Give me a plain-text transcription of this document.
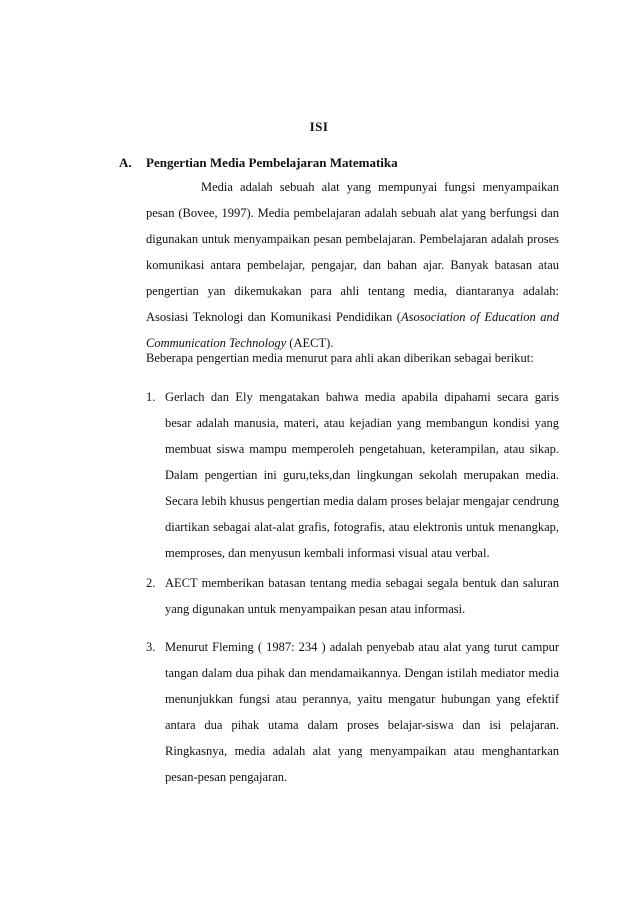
ISI
A. Pengertian Media Pembelajaran Matematika
Media adalah sebuah alat yang mempunyai fungsi menyampaikan pesan (Bovee, 1997). Media pembelajaran adalah sebuah alat yang berfungsi dan digunakan untuk menyampaikan pesan pembelajaran. Pembelajaran adalah proses komunikasi antara pembelajar, pengajar, dan bahan ajar. Banyak batasan atau pengertian yan dikemukakan para ahli tentang media, diantaranya adalah: Asosiasi Teknologi dan Komunikasi Pendidikan (Asosociation of Education and Communication Technology (AECT).
Beberapa pengertian media menurut para ahli akan diberikan sebagai berikut:
1. Gerlach dan Ely mengatakan bahwa media apabila dipahami secara garis besar adalah manusia, materi, atau kejadian yang membangun kondisi yang membuat siswa mampu memperoleh pengetahuan, keterampilan, atau sikap. Dalam pengertian ini guru,teks,dan lingkungan sekolah merupakan media. Secara lebih khusus pengertian media dalam proses belajar mengajar cendrung diartikan sebagai alat-alat grafis, fotografis, atau elektronis untuk menangkap, memproses, dan menyusun kembali informasi visual atau verbal.
2. AECT memberikan batasan tentang media sebagai segala bentuk dan saluran yang digunakan untuk menyampaikan pesan atau informasi.
3. Menurut Fleming ( 1987: 234 ) adalah penyebab atau alat yang turut campur tangan dalam dua pihak dan mendamaikannya. Dengan istilah mediator media menunjukkan fungsi atau perannya, yaitu mengatur hubungan yang efektif antara dua pihak utama dalam proses belajar-siswa dan isi pelajaran. Ringkasnya, media adalah alat yang menyampaikan atau menghantarkan pesan-pesan pengajaran.
